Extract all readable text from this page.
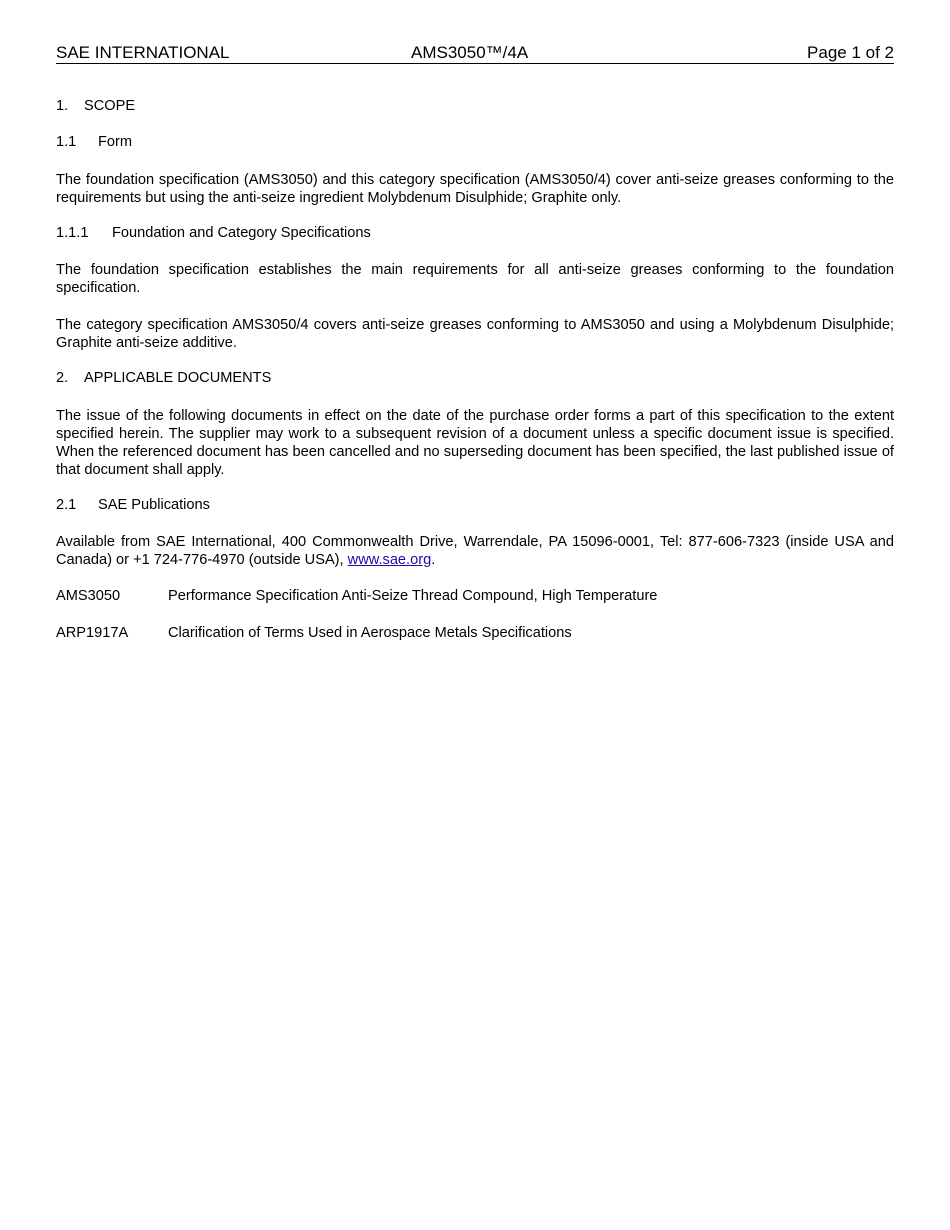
SAE INTERNATIONAL	AMS3050™/4A	Page 1 of 2
1. SCOPE
1.1 Form

The foundation specification (AMS3050) and this category specification (AMS3050/4) cover anti-seize greases conforming to the requirements but using the anti-seize ingredient Molybdenum Disulphide; Graphite only.

1.1.1 Foundation and Category Specifications

The foundation specification establishes the main requirements for all anti-seize greases conforming to the foundation specification.

The category specification AMS3050/4 covers anti-seize greases conforming to AMS3050 and using a Molybdenum Disulphide; Graphite anti-seize additive.

2. APPLICABLE DOCUMENTS

The issue of the following documents in effect on the date of the purchase order forms a part of this specification to the extent specified herein. The supplier may work to a subsequent revision of a document unless a specific document issue is specified. When the referenced document has been cancelled and no superseding document has been specified, the last published issue of that document shall apply.

2.1 SAE Publications

Available from SAE International, 400 Commonwealth Drive, Warrendale, PA 15096-0001, Tel: 877-606-7323 (inside USA and Canada) or +1 724-776-4970 (outside USA), www.sae.org.

AMS3050	Performance Specification Anti-Seize Thread Compound, High Temperature
ARP1917A	Clarification of Terms Used in Aerospace Metals Specifications
